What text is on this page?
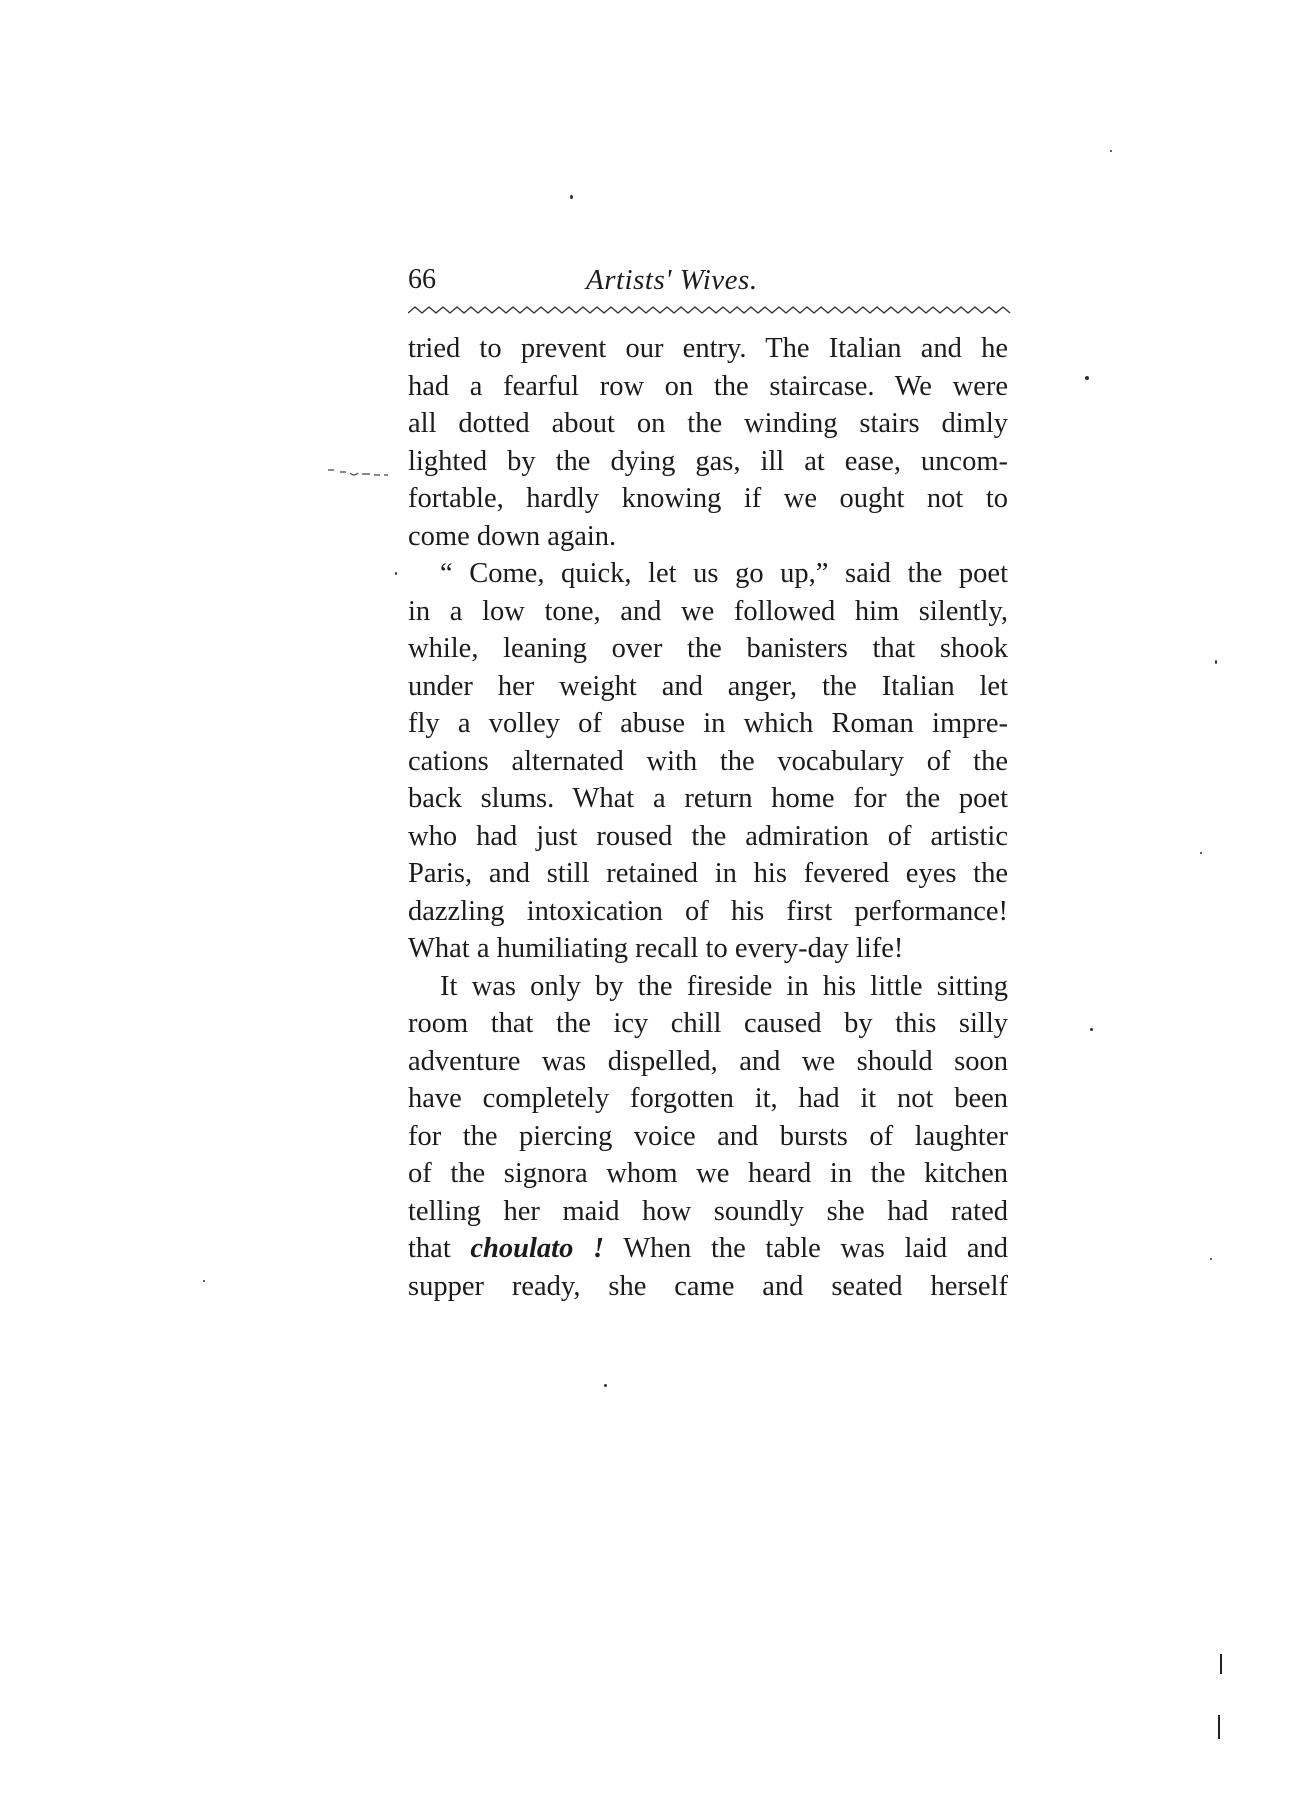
66	Artists' Wives.
tried to prevent our entry. The Italian and he
had a fearful row on the staircase. We were
all dotted about on the winding stairs dimly
lighted by the dying gas, ill at ease, uncom-
fortable, hardly knowing if we ought not to
come down again.
“ Come, quick, let us go up,” said the poet
in a low tone, and we followed him silently,
while, leaning over the banisters that shook
under her weight and anger, the Italian let
fly a volley of abuse in which Roman impre-
cations alternated with the vocabulary of the
back slums. What a return home for the poet
who had just roused the admiration of artistic
Paris, and still retained in his fevered eyes the
dazzling intoxication of his first performance!
What a humiliating recall to every-day life!
It was only by the fireside in his little sitting
room that the icy chill caused by this silly
adventure was dispelled, and we should soon
have completely forgotten it, had it not been
for the piercing voice and bursts of laughter
of the signora whom we heard in the kitchen
telling her maid how soundly she had rated
that choulato ! When the table was laid and
supper ready, she came and seated herself
